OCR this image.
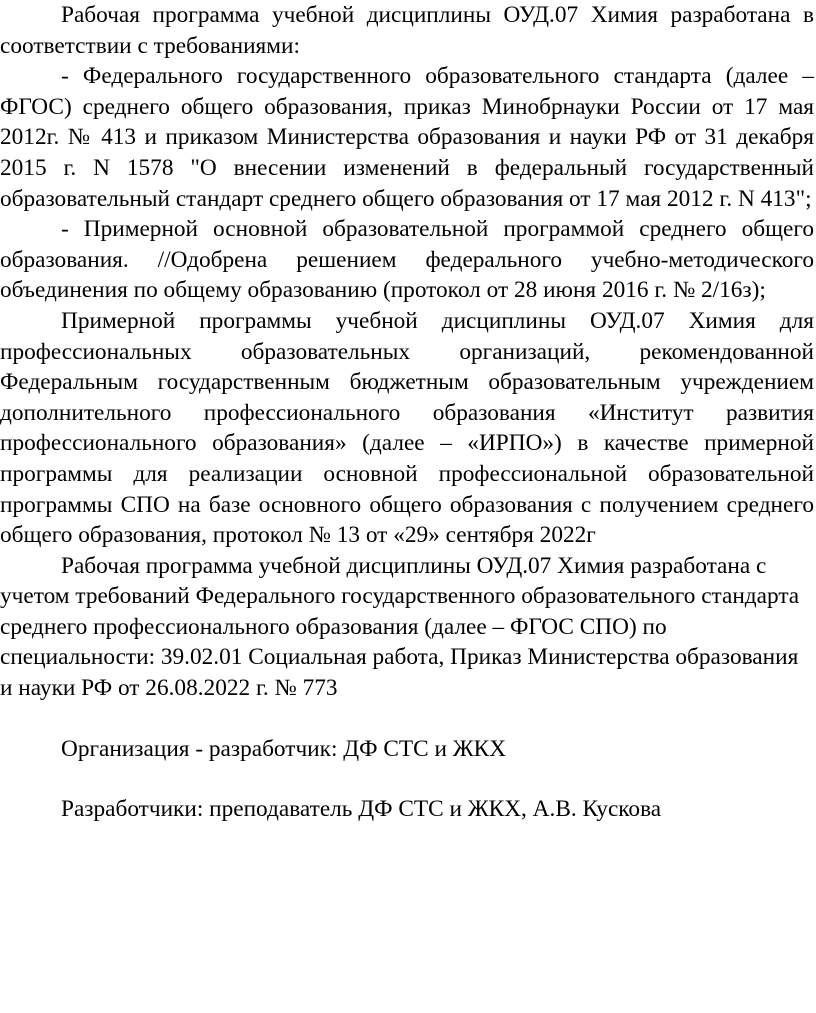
Рабочая программа учебной дисциплины ОУД.07 Химия разработана в соответствии с требованиями:

- Федерального государственного образовательного стандарта (далее – ФГОС) среднего общего образования, приказ Минобрнауки России от 17 мая 2012г. № 413 и приказом Министерства образования и науки РФ от 31 декабря 2015 г. N 1578 "О внесении изменений в федеральный государственный образовательный стандарт среднего общего образования от 17 мая 2012 г. N 413";

- Примерной основной образовательной программой среднего общего образования. //Одобрена решением федерального учебно-методического объединения по общему образованию (протокол от 28 июня 2016 г. № 2/16з);

Примерной программы учебной дисциплины ОУД.07 Химия для профессиональных образовательных организаций, рекомендованной Федеральным государственным бюджетным образовательным учреждением дополнительного профессионального образования «Институт развития профессионального образования» (далее – «ИРПО») в качестве примерной программы для реализации основной профессиональной образовательной программы СПО на базе основного общего образования с получением среднего общего образования, протокол № 13 от «29» сентября 2022г

Рабочая программа учебной дисциплины ОУД.07 Химия разработана с учетом требований Федерального государственного образовательного стандарта среднего профессионального образования (далее – ФГОС СПО) по специальности: 39.02.01 Социальная работа, Приказ Министерства образования и науки РФ от 26.08.2022 г. № 773

Организация - разработчик: ДФ СТС и ЖКХ

Разработчики: преподаватель ДФ СТС и ЖКХ, А.В. Кускова
